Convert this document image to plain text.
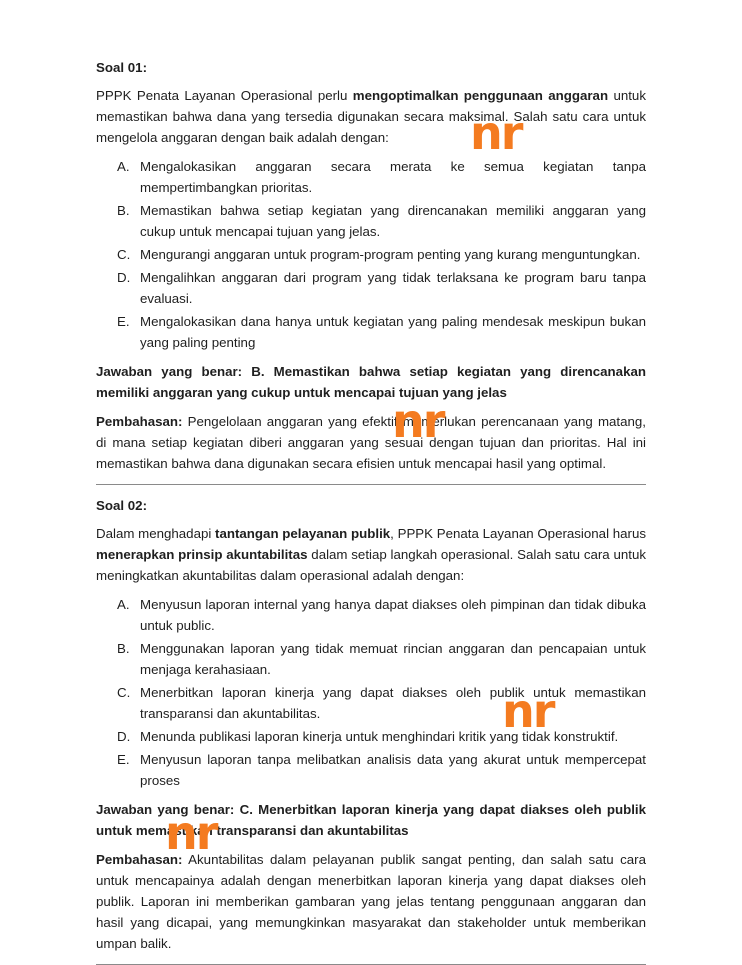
Soal 01:

PPPK Penata Layanan Operasional perlu mengoptimalkan penggunaan anggaran untuk memastikan bahwa dana yang tersedia digunakan secara maksimal. Salah satu cara untuk mengelola anggaran dengan baik adalah dengan:

A. Mengalokasikan anggaran secara merata ke semua kegiatan tanpa mempertimbangkan prioritas.
B. Memastikan bahwa setiap kegiatan yang direncanakan memiliki anggaran yang cukup untuk mencapai tujuan yang jelas.
C. Mengurangi anggaran untuk program-program penting yang kurang menguntungkan.
D. Mengalihkan anggaran dari program yang tidak terlaksana ke program baru tanpa evaluasi.
E. Mengalokasikan dana hanya untuk kegiatan yang paling mendesak meskipun bukan yang paling penting

Jawaban yang benar: B. Memastikan bahwa setiap kegiatan yang direncanakan memiliki anggaran yang cukup untuk mencapai tujuan yang jelas

Pembahasan: Pengelolaan anggaran yang efektif memerlukan perencanaan yang matang, di mana setiap kegiatan diberi anggaran yang sesuai dengan tujuan dan prioritas. Hal ini memastikan bahwa dana digunakan secara efisien untuk mencapai hasil yang optimal.

Soal 02:

Dalam menghadapi tantangan pelayanan publik, PPPK Penata Layanan Operasional harus menerapkan prinsip akuntabilitas dalam setiap langkah operasional. Salah satu cara untuk meningkatkan akuntabilitas dalam operasional adalah dengan:

A. Menyusun laporan internal yang hanya dapat diakses oleh pimpinan dan tidak dibuka untuk public.
B. Menggunakan laporan yang tidak memuat rincian anggaran dan pencapaian untuk menjaga kerahasiaan.
C. Menerbitkan laporan kinerja yang dapat diakses oleh publik untuk memastikan transparansi dan akuntabilitas.
D. Menunda publikasi laporan kinerja untuk menghindari kritik yang tidak konstruktif.
E. Menyusun laporan tanpa melibatkan analisis data yang akurat untuk mempercepat proses

Jawaban yang benar: C. Menerbitkan laporan kinerja yang dapat diakses oleh publik untuk memastikan transparansi dan akuntabilitas

Pembahasan: Akuntabilitas dalam pelayanan publik sangat penting, dan salah satu cara untuk mencapainya adalah dengan menerbitkan laporan kinerja yang dapat diakses oleh publik. Laporan ini memberikan gambaran yang jelas tentang penggunaan anggaran dan hasil yang dicapai, yang memungkinkan masyarakat dan stakeholder untuk memberikan umpan balik.

nr
nr
nr
nr
